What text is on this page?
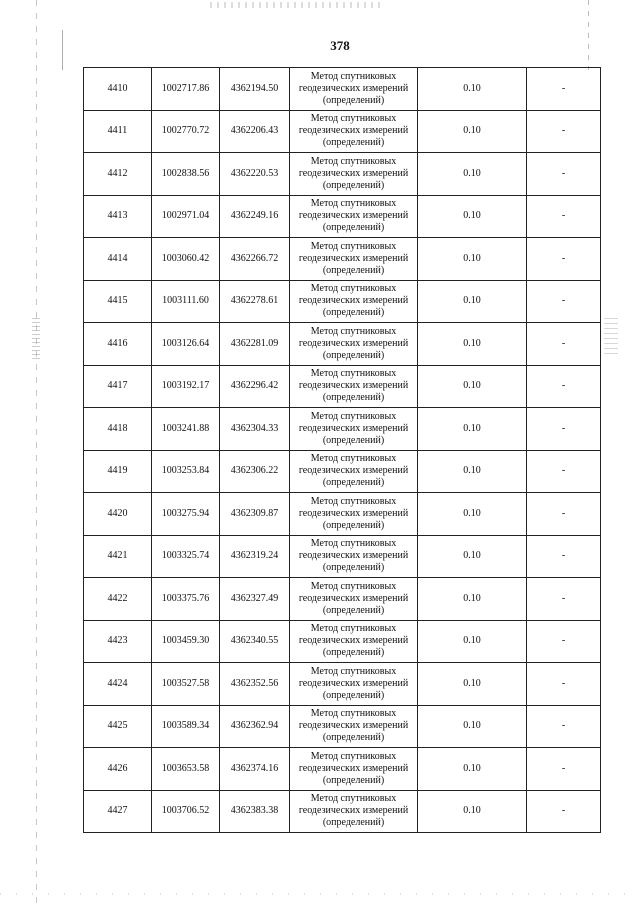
378
4410	1002717.86	4362194.50	Метод спутниковых
геодезических измерений
(определений)	0.10	-
4411	1002770.72	4362206.43	Метод спутниковых
геодезических измерений
(определений)	0.10	-
4412	1002838.56	4362220.53	Метод спутниковых
геодезических измерений
(определений)	0.10	-
4413	1002971.04	4362249.16	Метод спутниковых
геодезических измерений
(определений)	0.10	-
4414	1003060.42	4362266.72	Метод спутниковых
геодезических измерений
(определений)	0.10	-
4415	1003111.60	4362278.61	Метод спутниковых
геодезических измерений
(определений)	0.10	-
4416	1003126.64	4362281.09	Метод спутниковых
геодезических измерений
(определений)	0.10	-
4417	1003192.17	4362296.42	Метод спутниковых
геодезических измерений
(определений)	0.10	-
4418	1003241.88	4362304.33	Метод спутниковых
геодезических измерений
(определений)	0.10	-
4419	1003253.84	4362306.22	Метод спутниковых
геодезических измерений
(определений)	0.10	-
4420	1003275.94	4362309.87	Метод спутниковых
геодезических измерений
(определений)	0.10	-
4421	1003325.74	4362319.24	Метод спутниковых
геодезических измерений
(определений)	0.10	-
4422	1003375.76	4362327.49	Метод спутниковых
геодезических измерений
(определений)	0.10	-
4423	1003459.30	4362340.55	Метод спутниковых
геодезических измерений
(определений)	0.10	-
4424	1003527.58	4362352.56	Метод спутниковых
геодезических измерений
(определений)	0.10	-
4425	1003589.34	4362362.94	Метод спутниковых
геодезических измерений
(определений)	0.10	-
4426	1003653.58	4362374.16	Метод спутниковых
геодезических измерений
(определений)	0.10	-
4427	1003706.52	4362383.38	Метод спутниковых
геодезических измерений
(определений)	0.10	-
